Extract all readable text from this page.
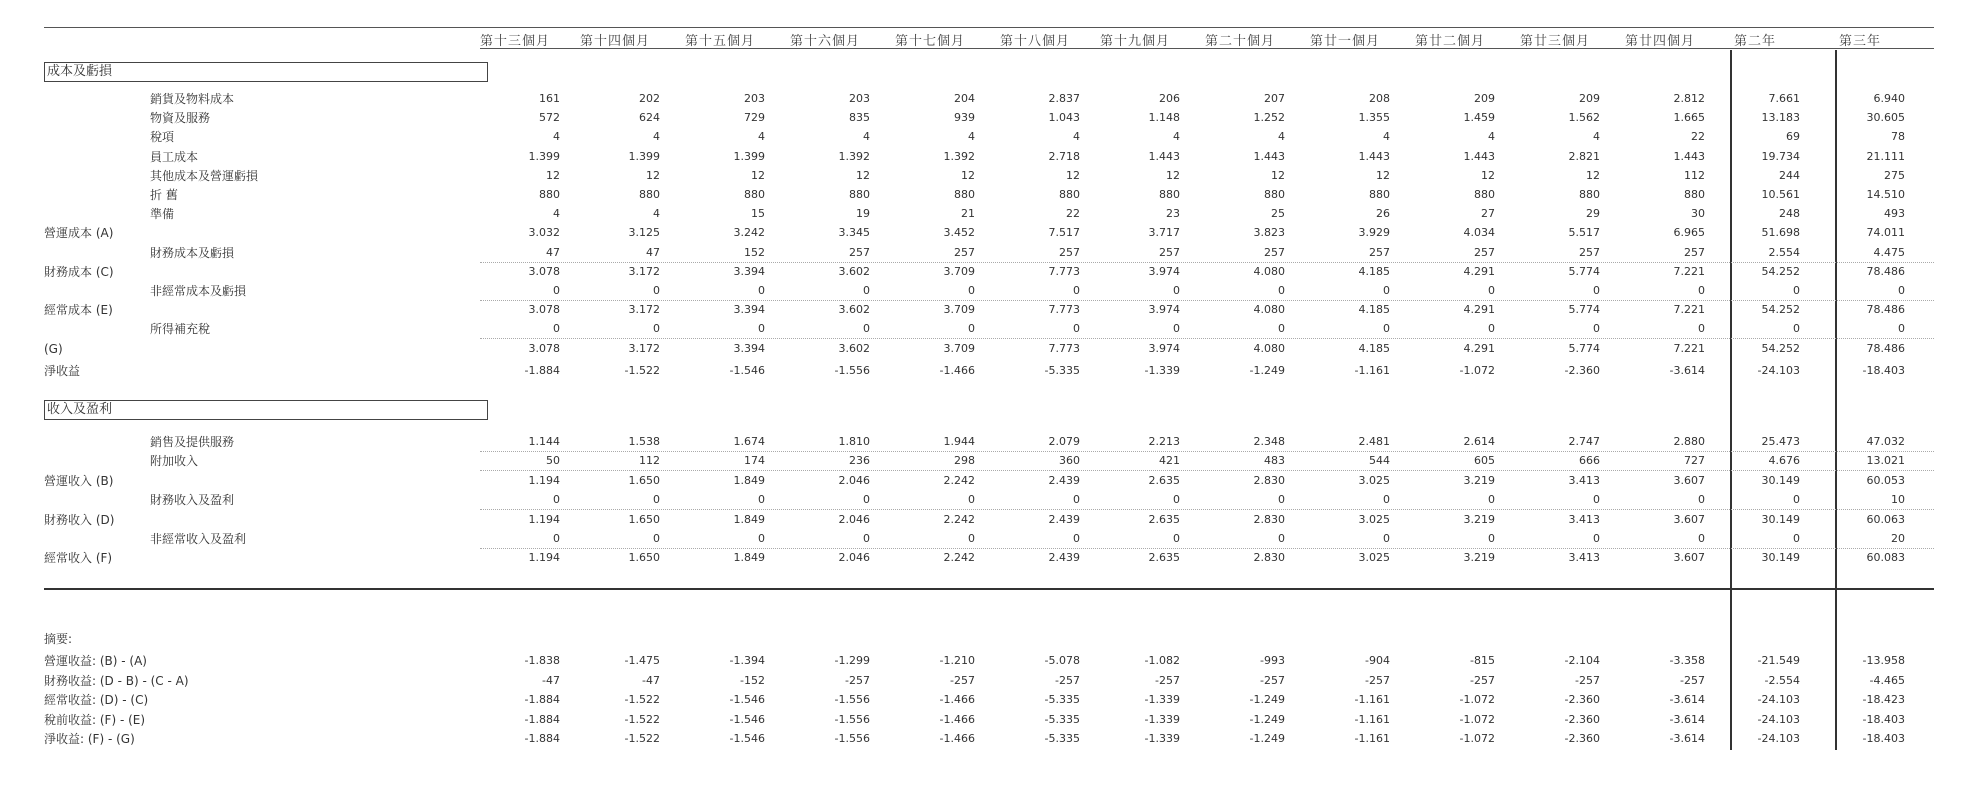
第十三個月	第十四個月	第十五個月	第十六個月	第十七個月	第十八個月	第十九個月	第二十個月	第廿一個月	第廿二個月	第廿三個月	第廿四個月	第二年	第三年
成本及虧損
收入及盈利
銷貨及物料成本	161	202	203	203	204	2.837	206	207	208	209	209	2.812	7.661	6.940
物資及服務	572	624	729	835	939	1.043	1.148	1.252	1.355	1.459	1.562	1.665	13.183	30.605
稅項	4	4	4	4	4	4	4	4	4	4	4	22	69	78
員工成本	1.399	1.399	1.399	1.392	1.392	2.718	1.443	1.443	1.443	1.443	2.821	1.443	19.734	21.111
其他成本及營運虧損	12	12	12	12	12	12	12	12	12	12	12	112	244	275
折 舊	880	880	880	880	880	880	880	880	880	880	880	880	10.561	14.510
準備	4	4	15	19	21	22	23	25	26	27	29	30	248	493
營運成本 (A)	3.032	3.125	3.242	3.345	3.452	7.517	3.717	3.823	3.929	4.034	5.517	6.965	51.698	74.011
財務成本及虧損	47	47	152	257	257	257	257	257	257	257	257	257	2.554	4.475
財務成本 (C)	3.078	3.172	3.394	3.602	3.709	7.773	3.974	4.080	4.185	4.291	5.774	7.221	54.252	78.486
非經常成本及虧損	0	0	0	0	0	0	0	0	0	0	0	0	0	0
經常成本 (E)	3.078	3.172	3.394	3.602	3.709	7.773	3.974	4.080	4.185	4.291	5.774	7.221	54.252	78.486
所得補充稅	0	0	0	0	0	0	0	0	0	0	0	0	0	0
(G)	3.078	3.172	3.394	3.602	3.709	7.773	3.974	4.080	4.185	4.291	5.774	7.221	54.252	78.486
淨收益	-1.884	-1.522	-1.546	-1.556	-1.466	-5.335	-1.339	-1.249	-1.161	-1.072	-2.360	-3.614	-24.103	-18.403
銷售及提供服務	1.144	1.538	1.674	1.810	1.944	2.079	2.213	2.348	2.481	2.614	2.747	2.880	25.473	47.032
附加收入	50	112	174	236	298	360	421	483	544	605	666	727	4.676	13.021
營運收入 (B)	1.194	1.650	1.849	2.046	2.242	2.439	2.635	2.830	3.025	3.219	3.413	3.607	30.149	60.053
財務收入及盈利	0	0	0	0	0	0	0	0	0	0	0	0	0	10
財務收入 (D)	1.194	1.650	1.849	2.046	2.242	2.439	2.635	2.830	3.025	3.219	3.413	3.607	30.149	60.063
非經常收入及盈利	0	0	0	0	0	0	0	0	0	0	0	0	0	20
經常收入 (F)	1.194	1.650	1.849	2.046	2.242	2.439	2.635	2.830	3.025	3.219	3.413	3.607	30.149	60.083
營運收益: (B) - (A)	-1.838	-1.475	-1.394	-1.299	-1.210	-5.078	-1.082	-993	-904	-815	-2.104	-3.358	-21.549	-13.958
財務收益: (D - B) - (C - A)	-47	-47	-152	-257	-257	-257	-257	-257	-257	-257	-257	-257	-2.554	-4.465
經常收益: (D) - (C)	-1.884	-1.522	-1.546	-1.556	-1.466	-5.335	-1.339	-1.249	-1.161	-1.072	-2.360	-3.614	-24.103	-18.423
稅前收益: (F) - (E)	-1.884	-1.522	-1.546	-1.556	-1.466	-5.335	-1.339	-1.249	-1.161	-1.072	-2.360	-3.614	-24.103	-18.403
淨收益: (F) - (G)	-1.884	-1.522	-1.546	-1.556	-1.466	-5.335	-1.339	-1.249	-1.161	-1.072	-2.360	-3.614	-24.103	-18.403
摘要:
